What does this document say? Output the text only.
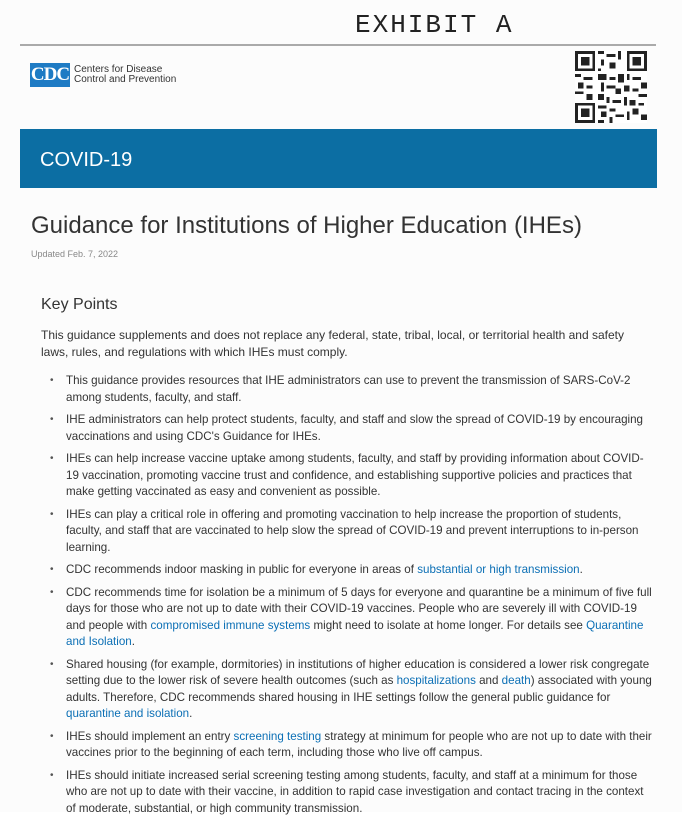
EXHIBIT A
CDC Centers for Disease
Control and Prevention
COVID-19
Guidance for Institutions of Higher Education (IHEs)
Updated Feb. 7, 2022
Key Points
This guidance supplements and does not replace any federal, state, tribal, local, or territorial health and safety laws, rules, and regulations with which IHEs must comply.
• This guidance provides resources that IHE administrators can use to prevent the transmission of SARS-CoV-2 among students, faculty, and staff.
• IHE administrators can help protect students, faculty, and staff and slow the spread of COVID-19 by encouraging vaccinations and using CDC's Guidance for IHEs.
• IHEs can help increase vaccine uptake among students, faculty, and staff by providing information about COVID-19 vaccination, promoting vaccine trust and confidence, and establishing supportive policies and practices that make getting vaccinated as easy and convenient as possible.
• IHEs can play a critical role in offering and promoting vaccination to help increase the proportion of students, faculty, and staff that are vaccinated to help slow the spread of COVID-19 and prevent interruptions to in-person learning.
• CDC recommends indoor masking in public for everyone in areas of substantial or high transmission.
• CDC recommends time for isolation be a minimum of 5 days for everyone and quarantine be a minimum of five full days for those who are not up to date with their COVID-19 vaccines. People who are severely ill with COVID-19 and people with compromised immune systems might need to isolate at home longer. For details see Quarantine and Isolation.
• Shared housing (for example, dormitories) in institutions of higher education is considered a lower risk congregate setting due to the lower risk of severe health outcomes (such as hospitalizations and death) associated with young adults. Therefore, CDC recommends shared housing in IHE settings follow the general public guidance for quarantine and isolation.
• IHEs should implement an entry screening testing strategy at minimum for people who are not up to date with their vaccines prior to the beginning of each term, including those who live off campus.
• IHEs should initiate increased serial screening testing among students, faculty, and staff at a minimum for those who are not up to date with their vaccine, in addition to rapid case investigation and contact tracing in the context of moderate, substantial, or high community transmission.
